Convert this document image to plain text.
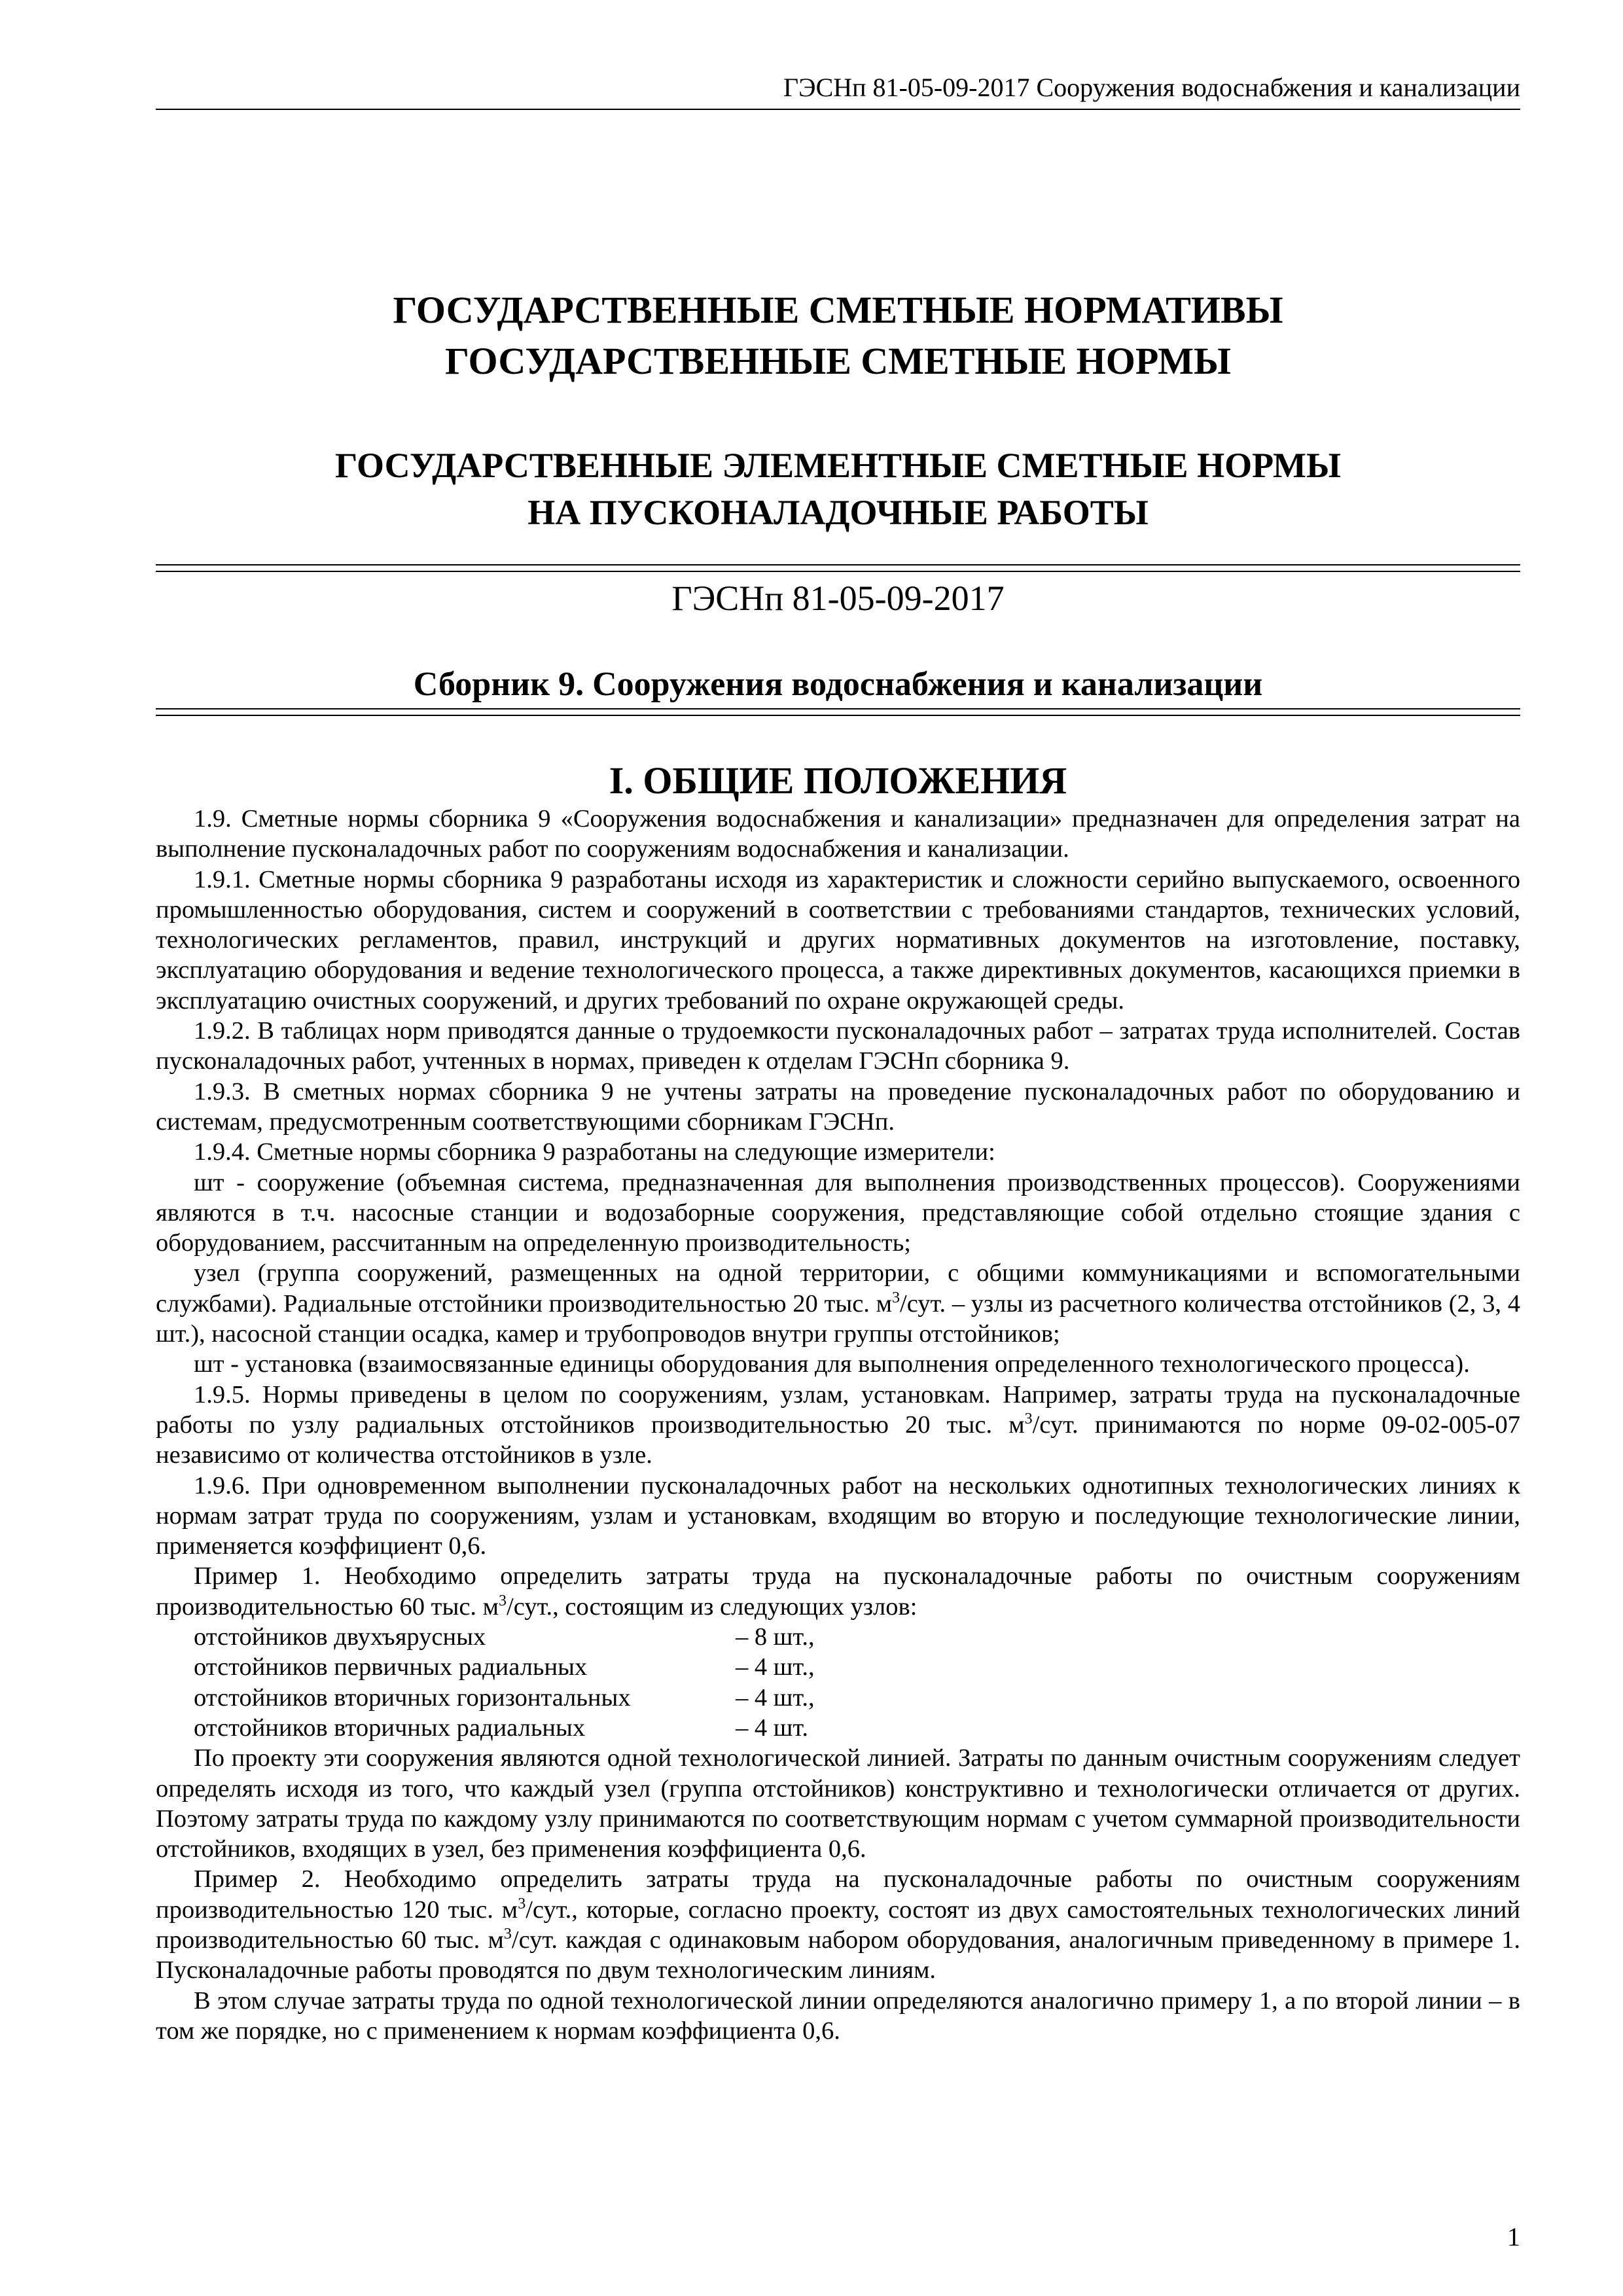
ГЭСНп 81-05-09-2017 Сооружения водоснабжения и канализации
ГОСУДАРСТВЕННЫЕ СМЕТНЫЕ НОРМАТИВЫ
ГОСУДАРСТВЕННЫЕ СМЕТНЫЕ НОРМЫ
ГОСУДАРСТВЕННЫЕ ЭЛЕМЕНТНЫЕ СМЕТНЫЕ НОРМЫ
НА ПУСКОНАЛАДОЧНЫЕ РАБОТЫ
ГЭСНп 81-05-09-2017
Сборник 9. Сооружения водоснабжения и канализации
I. ОБЩИЕ ПОЛОЖЕНИЯ

1.9. Сметные нормы сборника 9 «Сооружения водоснабжения и канализации» предназначен для определения затрат на выполнение пусконаладочных работ по сооружениям водоснабжения и канализации.

1.9.1. Сметные нормы сборника 9 разработаны исходя из характеристик и сложности серийно выпускаемого, освоенного промышленностью оборудования, систем и сооружений в соответствии с требованиями стандартов, технических условий, технологических регламентов, правил, инструкций и других нормативных документов на изготовление, поставку, эксплуатацию оборудования и ведение технологического процесса, а также директивных документов, касающихся приемки в эксплуатацию очистных сооружений, и других требований по охране окружающей среды.

1.9.2. В таблицах норм приводятся данные о трудоемкости пусконаладочных работ – затратах труда исполнителей. Состав пусконаладочных работ, учтенных в нормах, приведен к отделам ГЭСНп сборника 9.

1.9.3. В сметных нормах сборника 9 не учтены затраты на проведение пусконаладочных работ по оборудованию и системам, предусмотренным соответствующими сборникам ГЭСНп.

1.9.4. Сметные нормы сборника 9 разработаны на следующие измерители:

шт - сооружение (объемная система, предназначенная для выполнения производственных процессов). Сооружениями являются в т.ч. насосные станции и водозаборные сооружения, представляющие собой отдельно стоящие здания с оборудованием, рассчитанным на определенную производительность;

узел (группа сооружений, размещенных на одной территории, с общими коммуникациями и вспомогательными службами). Радиальные отстойники производительностью 20 тыс. $м^3$/сут. – узлы из расчетного количества отстойников (2, 3, 4 шт.), насосной станции осадка, камер и трубопроводов внутри группы отстойников;

шт - установка (взаимосвязанные единицы оборудования для выполнения определенного технологического процесса).

1.9.5. Нормы приведены в целом по сооружениям, узлам, установкам. Например, затраты труда на пусконаладочные работы по узлу радиальных отстойников производительностью 20 тыс. $м^3$/сут. принимаются по норме 09-02-005-07 независимо от количества отстойников в узле.

1.9.6. При одновременном выполнении пусконаладочных работ на нескольких однотипных технологических линиях к нормам затрат труда по сооружениям, узлам и установкам, входящим во вторую и последующие технологические линии, применяется коэффициент 0,6.

Пример 1. Необходимо определить затраты труда на пусконаладочные работы по очистным сооружениям производительностью 60 тыс. $м^3$/сут., состоящим из следующих узлов:

отстойников двухъярусных	– 8 шт.,
отстойников первичных радиальных	– 4 шт.,
отстойников вторичных горизонтальных	– 4 шт.,
отстойников вторичных радиальных	– 4 шт.

По проекту эти сооружения являются одной технологической линией. Затраты по данным очистным сооружениям следует определять исходя из того, что каждый узел (группа отстойников) конструктивно и технологически отличается от других. Поэтому затраты труда по каждому узлу принимаются по соответствующим нормам с учетом суммарной производительности отстойников, входящих в узел, без применения коэффициента 0,6.

Пример 2. Необходимо определить затраты труда на пусконаладочные работы по очистным сооружениям производительностью 120 тыс. $м^3$/сут., которые, согласно проекту, состоят из двух самостоятельных технологических линий производительностью 60 тыс. $м^3$/сут. каждая с одинаковым набором оборудования, аналогичным приведенному в примере 1. Пусконаладочные работы проводятся по двум технологическим линиям.

В этом случае затраты труда по одной технологической линии определяются аналогично примеру 1, а по второй линии – в том же порядке, но с применением к нормам коэффициента 0,6.

1
